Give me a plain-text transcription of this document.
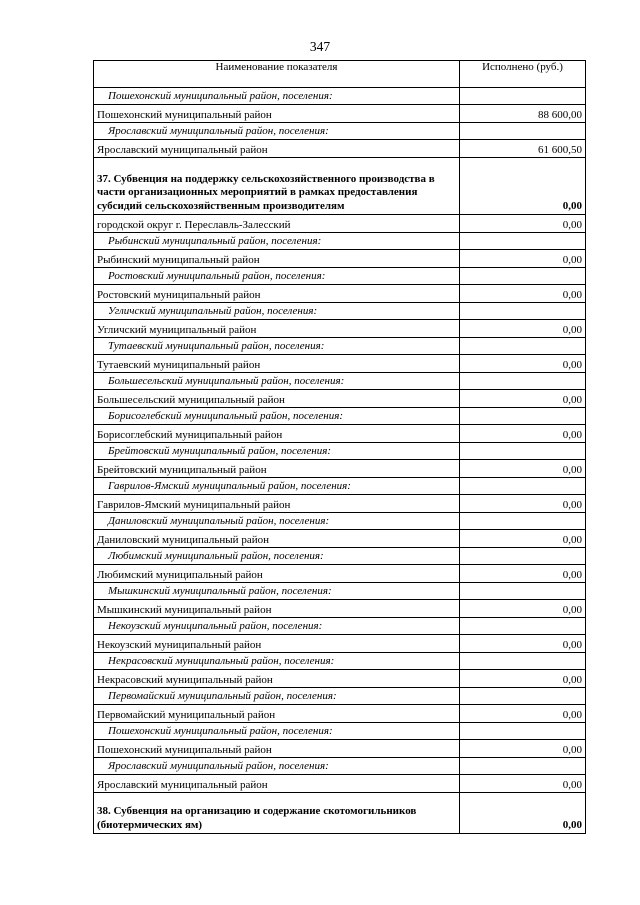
347
Наименование показателя	Исполнено (руб.)
Пошехонский муниципальный район, поселения:	
Пошехонский муниципальный район	88 600,00
Ярославский муниципальный район, поселения:	
Ярославский муниципальный район	61 600,50
37. Субвенция на поддержку сельскохозяйственного производства в части организационных мероприятий в рамках предоставления субсидий сельскохозяйственным производителям	0,00
городской округ г. Переславль-Залесский	0,00
Рыбинский муниципальный район, поселения:	
Рыбинский муниципальный район	0,00
Ростовский муниципальный район, поселения:	
Ростовский муниципальный район	0,00
Угличский муниципальный район, поселения:	
Угличский муниципальный район	0,00
Тутаевский муниципальный район, поселения:	
Тутаевский муниципальный район	0,00
Большесельский муниципальный район, поселения:	
Большесельский муниципальный район	0,00
Борисоглебский муниципальный район, поселения:	
Борисоглебский муниципальный район	0,00
Брейтовский муниципальный район, поселения:	
Брейтовский муниципальный район	0,00
Гаврилов-Ямский муниципальный район, поселения:	
Гаврилов-Ямский муниципальный район	0,00
Даниловский муниципальный район, поселения:	
Даниловский муниципальный район	0,00
Любимский муниципальный район, поселения:	
Любимский муниципальный район	0,00
Мышкинский муниципальный район, поселения:	
Мышкинский муниципальный район	0,00
Некоузский муниципальный район, поселения:	
Некоузский муниципальный район	0,00
Некрасовский муниципальный район, поселения:	
Некрасовский муниципальный район	0,00
Первомайский муниципальный район, поселения:	
Первомайский муниципальный район	0,00
Пошехонский муниципальный район, поселения:	
Пошехонский муниципальный район	0,00
Ярославский муниципальный район, поселения:	
Ярославский муниципальный район	0,00
38. Субвенция на организацию и содержание скотомогильников (биотермических ям)	0,00
